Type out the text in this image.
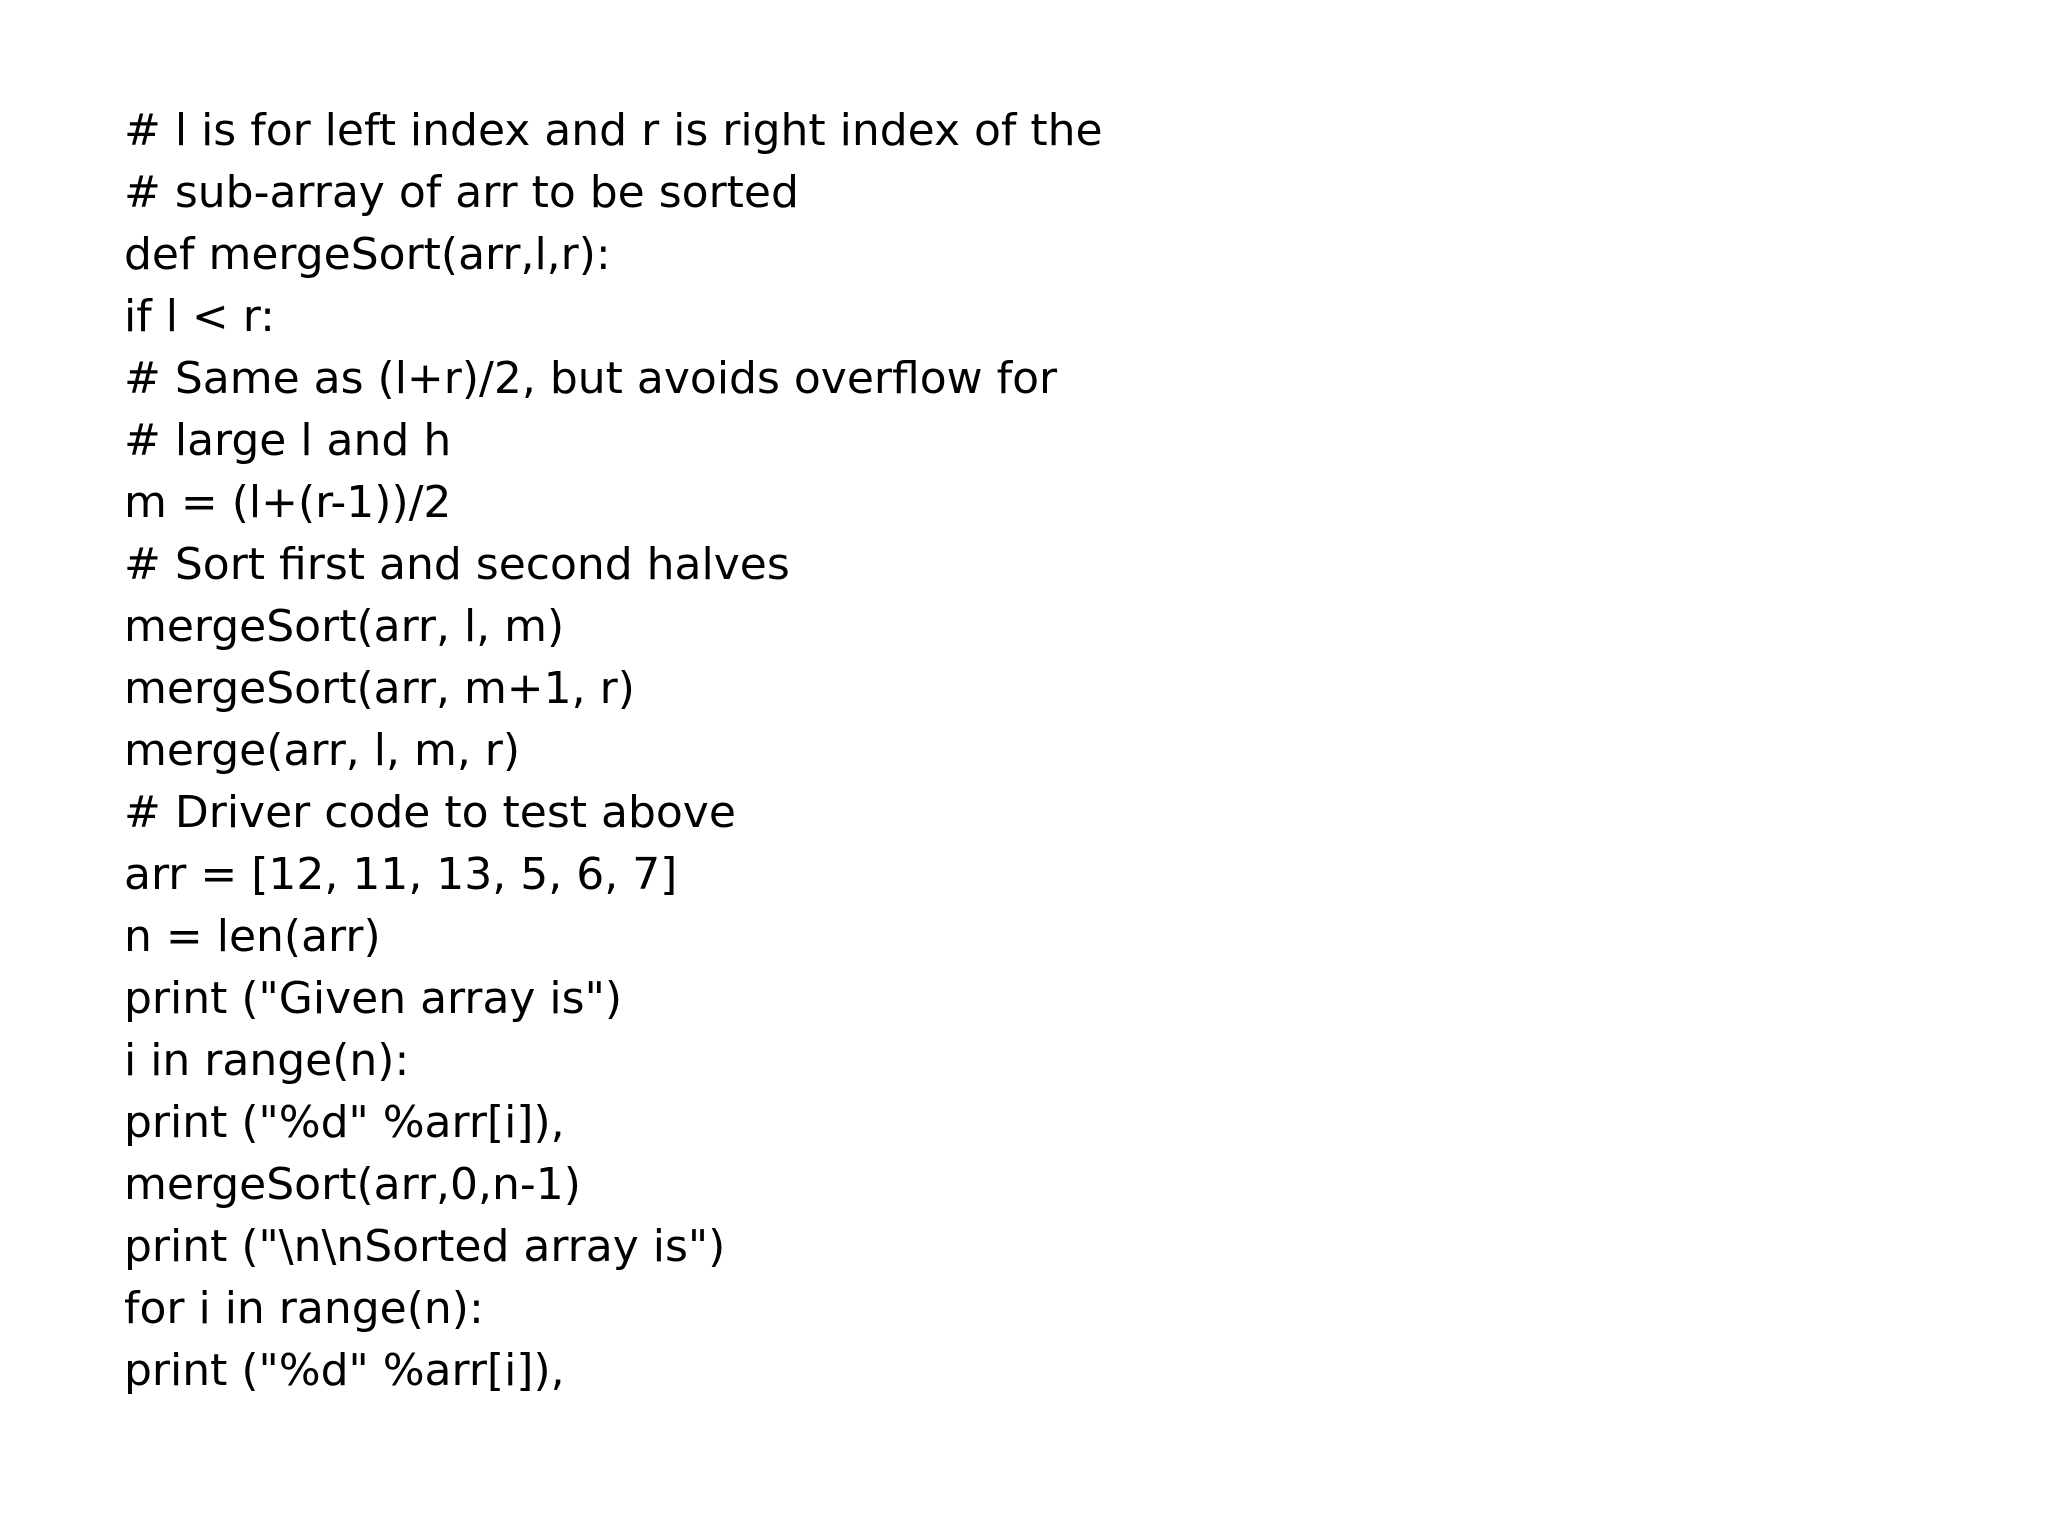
# l is for left index and r is right index of the
# sub-array of arr to be sorted
def mergeSort(arr,l,r):
if l < r:
# Same as (l+r)/2, but avoids overflow for
# large l and h
m = (l+(r-1))/2
# Sort first and second halves
mergeSort(arr, l, m)
mergeSort(arr, m+1, r)
merge(arr, l, m, r)
# Driver code to test above
arr = [12, 11, 13, 5, 6, 7]
n = len(arr)
print ("Given array is")
i in range(n):
print ("%d" %arr[i]),
mergeSort(arr,0,n-1)
print ("\n\nSorted array is")
for i in range(n):
print ("%d" %arr[i]),
